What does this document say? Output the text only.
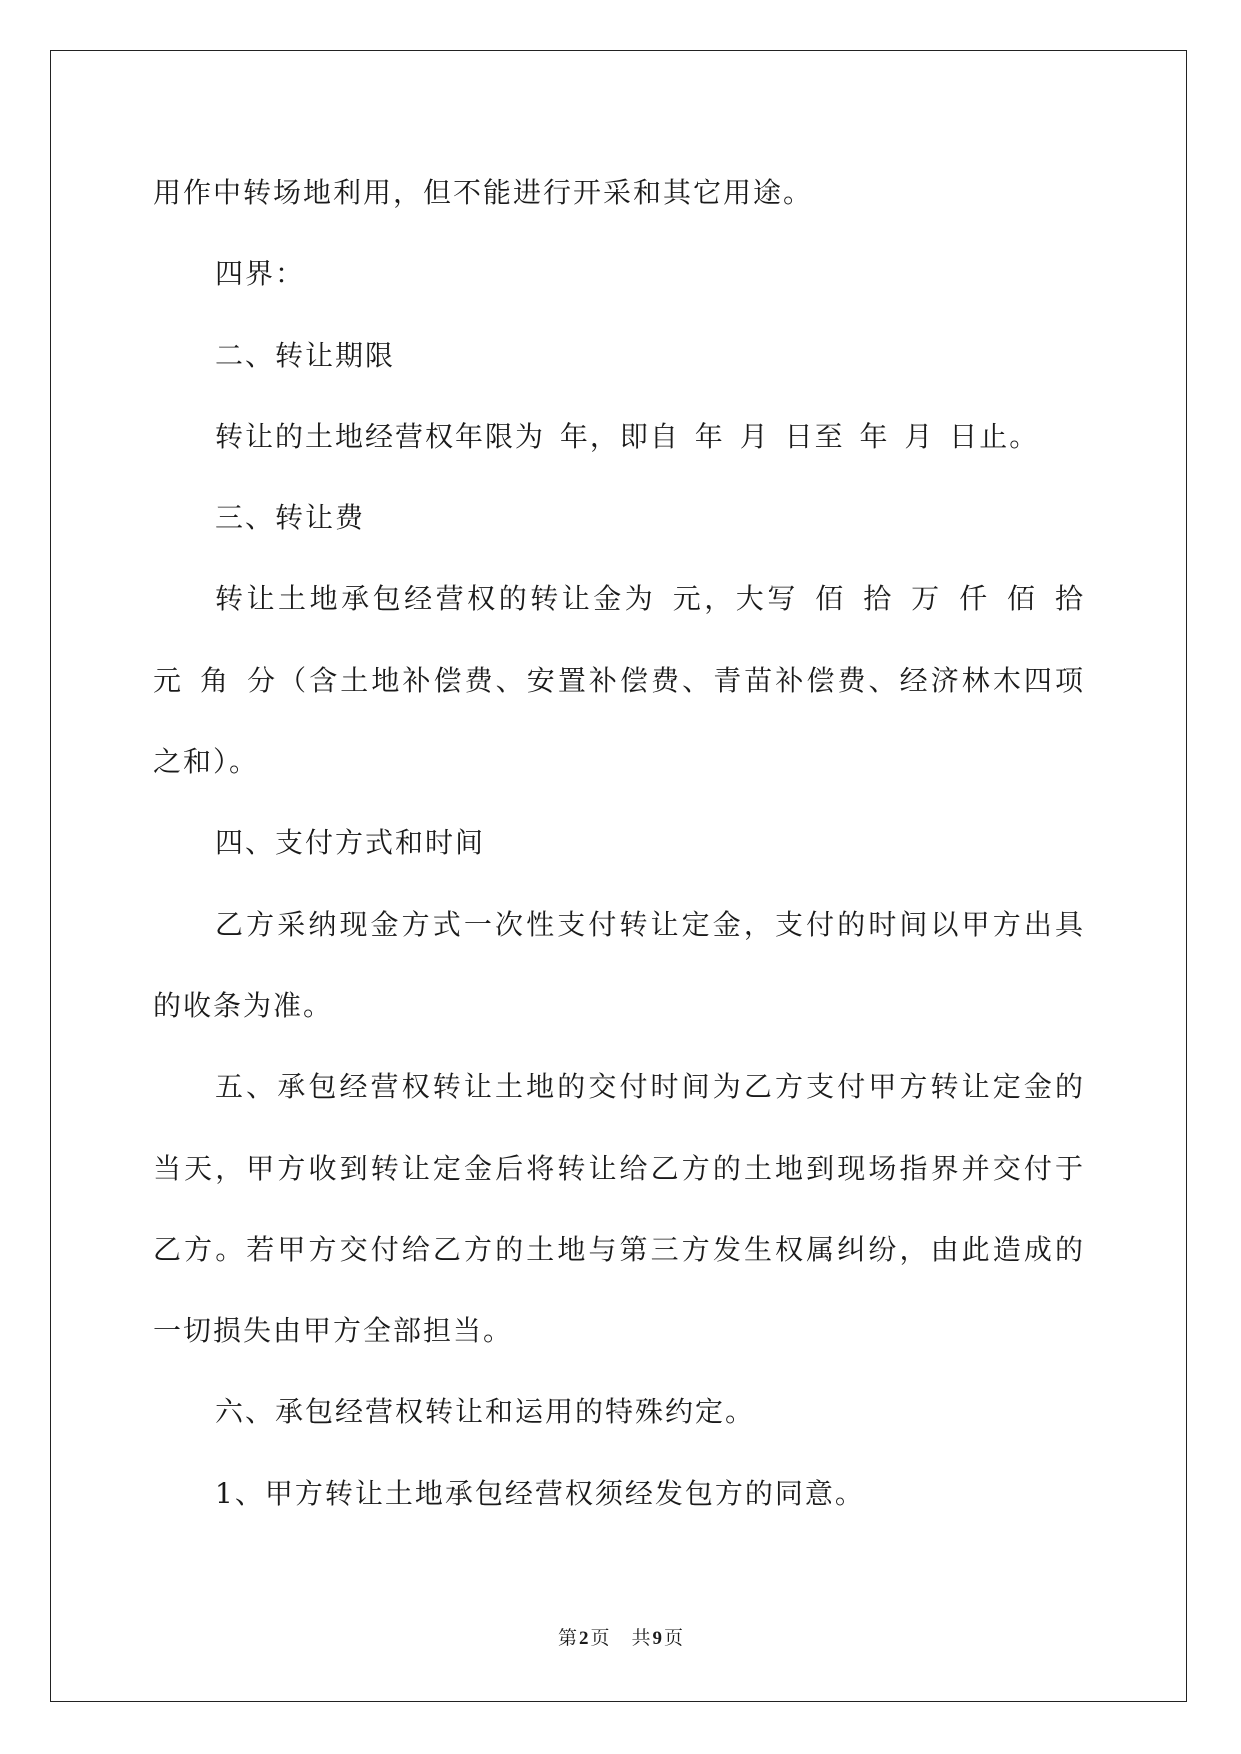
用作中转场地利用，但不能进行开采和其它用途。
四界：
二、转让期限
转让的土地经营权年限为 年，即自 年 月 日至 年 月 日止。
三、转让费
转让土地承包经营权的转让金为 元，大写 佰 拾 万 仟 佰 拾
元 角 分（含土地补偿费、安置补偿费、青苗补偿费、经济林木四项
之和）。
四、支付方式和时间
乙方采纳现金方式一次性支付转让定金，支付的时间以甲方出具
的收条为准。
五、承包经营权转让土地的交付时间为乙方支付甲方转让定金的
当天，甲方收到转让定金后将转让给乙方的土地到现场指界并交付于
乙方。若甲方交付给乙方的土地与第三方发生权属纠纷，由此造成的
一切损失由甲方全部担当。
六、承包经营权转让和运用的特殊约定。
1、甲方转让土地承包经营权须经发包方的同意。
第 2 页 共 9 页
